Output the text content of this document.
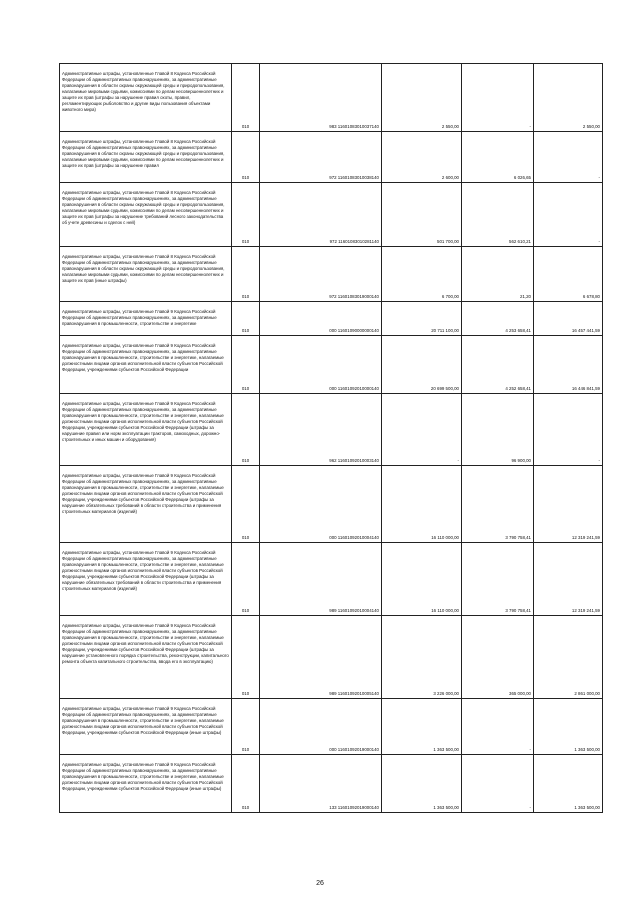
Административные штрафы, установленные Главой 8 Кодекса Российской Федерации об административных правонарушениях, за административные правонарушения в области охраны окружающей среды и природопользования, налагаемые мировыми судьями, комиссиями по делам несовершеннолетних и защите их прав (штрафы за нарушение правил охоты, правил, регламентирующих рыболовство и другие виды пользования объектами животного мира)	010	983 11601083010037140	2 550,00	-	2 550,00
Административные штрафы, установленные Главой 8 Кодекса Российской Федерации об административных правонарушениях, за административные правонарушения в области охраны окружающей среды и природопользования, налагаемые мировыми судьями, комиссиями по делам несовершеннолетних и защите их прав (штрафы за нарушение правил	010	972 11601083010038140	2 600,00	6 026,65	-
Административные штрафы, установленные Главой 8 Кодекса Российской Федерации об административных правонарушениях, за административные правонарушения в области охраны окружающей среды и природопользования, налагаемые мировыми судьями, комиссиями по делам несовершеннолетних и защите их прав (штрафы за нарушение требований лесного законодательства об учете древесины и сделок с ней)	010	972 11601083010281140	501 700,00	562 610,21	-
Административные штрафы, установленные Главой 8 Кодекса Российской Федерации об административных правонарушениях, за административные правонарушения в области охраны окружающей среды и природопользования, налагаемые мировыми судьями, комиссиями по делам несовершеннолетних и защите их прав (иные штрафы)	010	972 11601083019000140	6 700,00	21,20	6 678,80
Административные штрафы, установленные Главой 9 Кодекса Российской Федерации об административных правонарушениях, за административные правонарушения в промышленности, строительстве и энергетике	010	000 11601090000000140	20 711 100,00	4 253 658,41	16 457 441,59
Административные штрафы, установленные Главой 9 Кодекса Российской Федерации об административных правонарушениях, за административные правонарушения в промышленности, строительстве и энергетике, налагаемые должностными лицами органов исполнительной власти субъектов Российской Федерации, учреждениями субъектов Российской Федерации	010	000 11601092010000140	20 699 500,00	4 252 658,41	16 446 841,59
Административные штрафы, установленные Главой 9 Кодекса Российской Федерации об административных правонарушениях, за административные правонарушения в промышленности, строительстве и энергетике, налагаемые должностными лицами органов исполнительной власти субъектов Российской Федерации, учреждениями субъектов Российской Федерации (штрафы за нарушение правил или норм эксплуатации тракторов, самоходных, дорожно-строительных и иных машин и оборудования)	010	962 11601092010003140	-	96 900,00	-
Административные штрафы, установленные Главой 9 Кодекса Российской Федерации об административных правонарушениях, за административные правонарушения в промышленности, строительстве и энергетике, налагаемые должностными лицами органов исполнительной власти субъектов Российской Федерации, учреждениями субъектов Российской Федерации (штрафы за нарушение обязательных требований в области строительства и применения строительных материалов (изделий)	010	000 11601092010004140	16 110 000,00	3 790 758,41	12 319 241,59
Административные штрафы, установленные Главой 9 Кодекса Российской Федерации об административных правонарушениях, за административные правонарушения в промышленности, строительстве и энергетике, налагаемые должностными лицами органов исполнительной власти субъектов Российской Федерации, учреждениями субъектов Российской Федерации (штрафы за нарушение обязательных требований в области строительства и применения строительных материалов (изделий)	010	989 11601092010004140	16 110 000,00	3 790 758,41	12 319 241,59
Административные штрафы, установленные Главой 9 Кодекса Российской Федерации об административных правонарушениях, за административные правонарушения в промышленности, строительстве и энергетике, налагаемые должностными лицами органов исполнительной власти субъектов Российской Федерации, учреждениями субъектов Российской Федерации (штрафы за нарушение установленного порядка строительства, реконструкции, капитального ремонта объекта капитального строительства, ввода его в эксплуатацию)	010	989 11601092010005140	3 226 000,00	365 000,00	2 861 000,00
Административные штрафы, установленные Главой 9 Кодекса Российской Федерации об административных правонарушениях, за административные правонарушения в промышленности, строительстве и энергетике, налагаемые должностными лицами органов исполнительной власти субъектов Российской Федерации, учреждениями субъектов Российской Федерации (иные штрафы)	010	000 11601092019000140	1 363 500,00	-	1 363 500,00
Административные штрафы, установленные Главой 9 Кодекса Российской Федерации об административных правонарушениях, за административные правонарушения в промышленности, строительстве и энергетике, налагаемые должностными лицами органов исполнительной власти субъектов Российской Федерации, учреждениями субъектов Российской Федерации (иные штрафы)	010	133 11601092019000140	1 363 500,00	-	1 363 500,00
26
